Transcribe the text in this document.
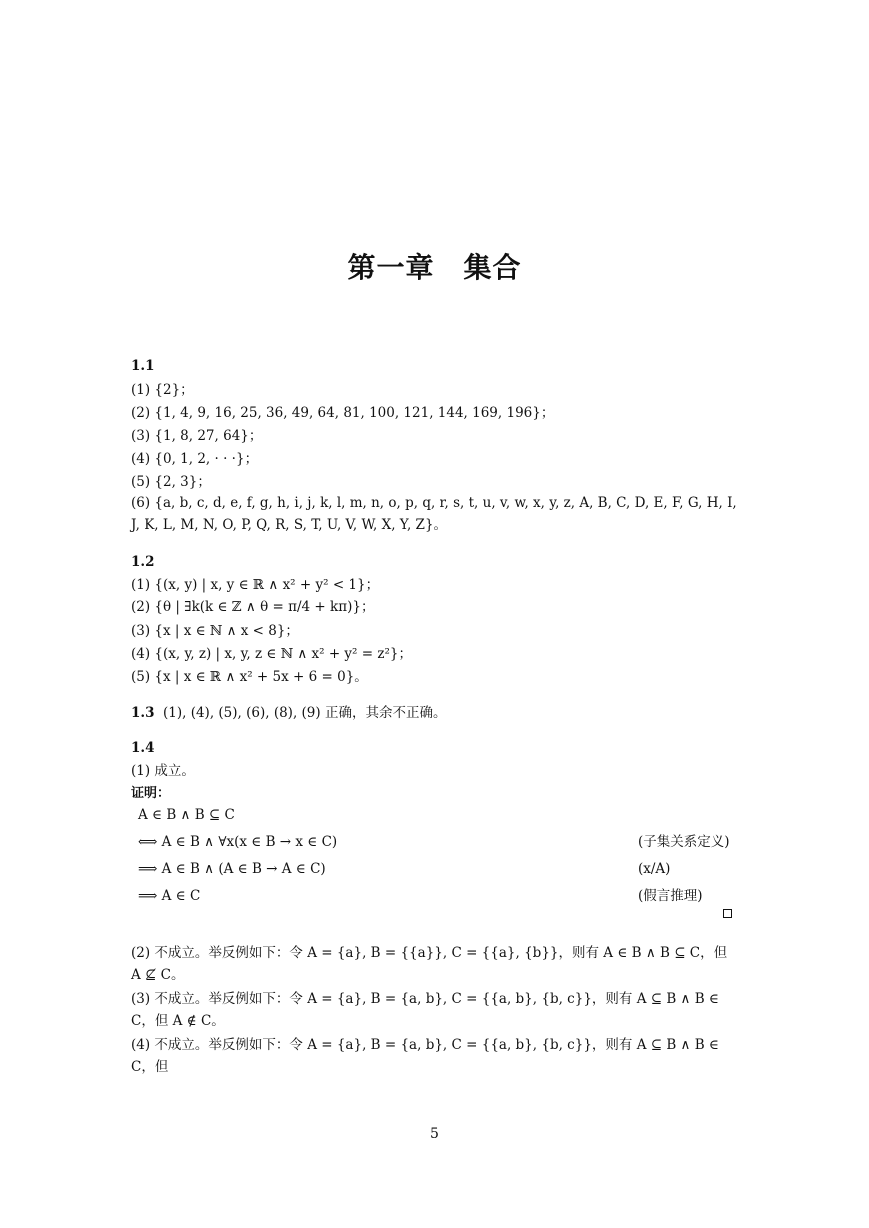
第一章　集合
1.1
(1) {2}；
(2) {1, 4, 9, 16, 25, 36, 49, 64, 81, 100, 121, 144, 169, 196}；
(3) {1, 8, 27, 64}；
(4) {0, 1, 2, · · ·}；
(5) {2, 3}；
(6) {a, b, c, d, e, f, g, h, i, j, k, l, m, n, o, p, q, r, s, t, u, v, w, x, y, z, A, B, C, D, E, F, G, H, I, J, K, L, M, N, O, P, Q, R, S, T, U, V, W, X, Y, Z}。
1.2
(1) {(x, y) | x, y ∈ ℝ ∧ x² + y² < 1}；
(2) {θ | ∃k(k ∈ ℤ ∧ θ = π/4 + kπ)}；
(3) {x | x ∈ ℕ ∧ x < 8}；
(4) {(x, y, z) | x, y, z ∈ ℕ ∧ x² + y² = z²}；
(5) {x | x ∈ ℝ ∧ x² + 5x + 6 = 0}。
1.3 (1), (4), (5), (6), (8), (9) 正确，其余不正确。
1.4
(1) 成立。
证明：
A ∈ B ∧ B ⊆ C
⟺ A ∈ B ∧ ∀x(x ∈ B → x ∈ C)	(子集关系定义)
⟹ A ∈ B ∧ (A ∈ B → A ∈ C)	(x/A)
⟹ A ∈ C	(假言推理)
(2) 不成立。举反例如下：令 A = {a}, B = {{a}}, C = {{a}, {b}}，则有 A ∈ B ∧ B ⊆ C，但 A ⊈ C。
(3) 不成立。举反例如下：令 A = {a}, B = {a, b}, C = {{a, b}, {b, c}}，则有 A ⊆ B ∧ B ∈ C，但 A ∉ C。
(4) 不成立。举反例如下：令 A = {a}, B = {a, b}, C = {{a, b}, {b, c}}，则有 A ⊆ B ∧ B ∈ C，但
5
